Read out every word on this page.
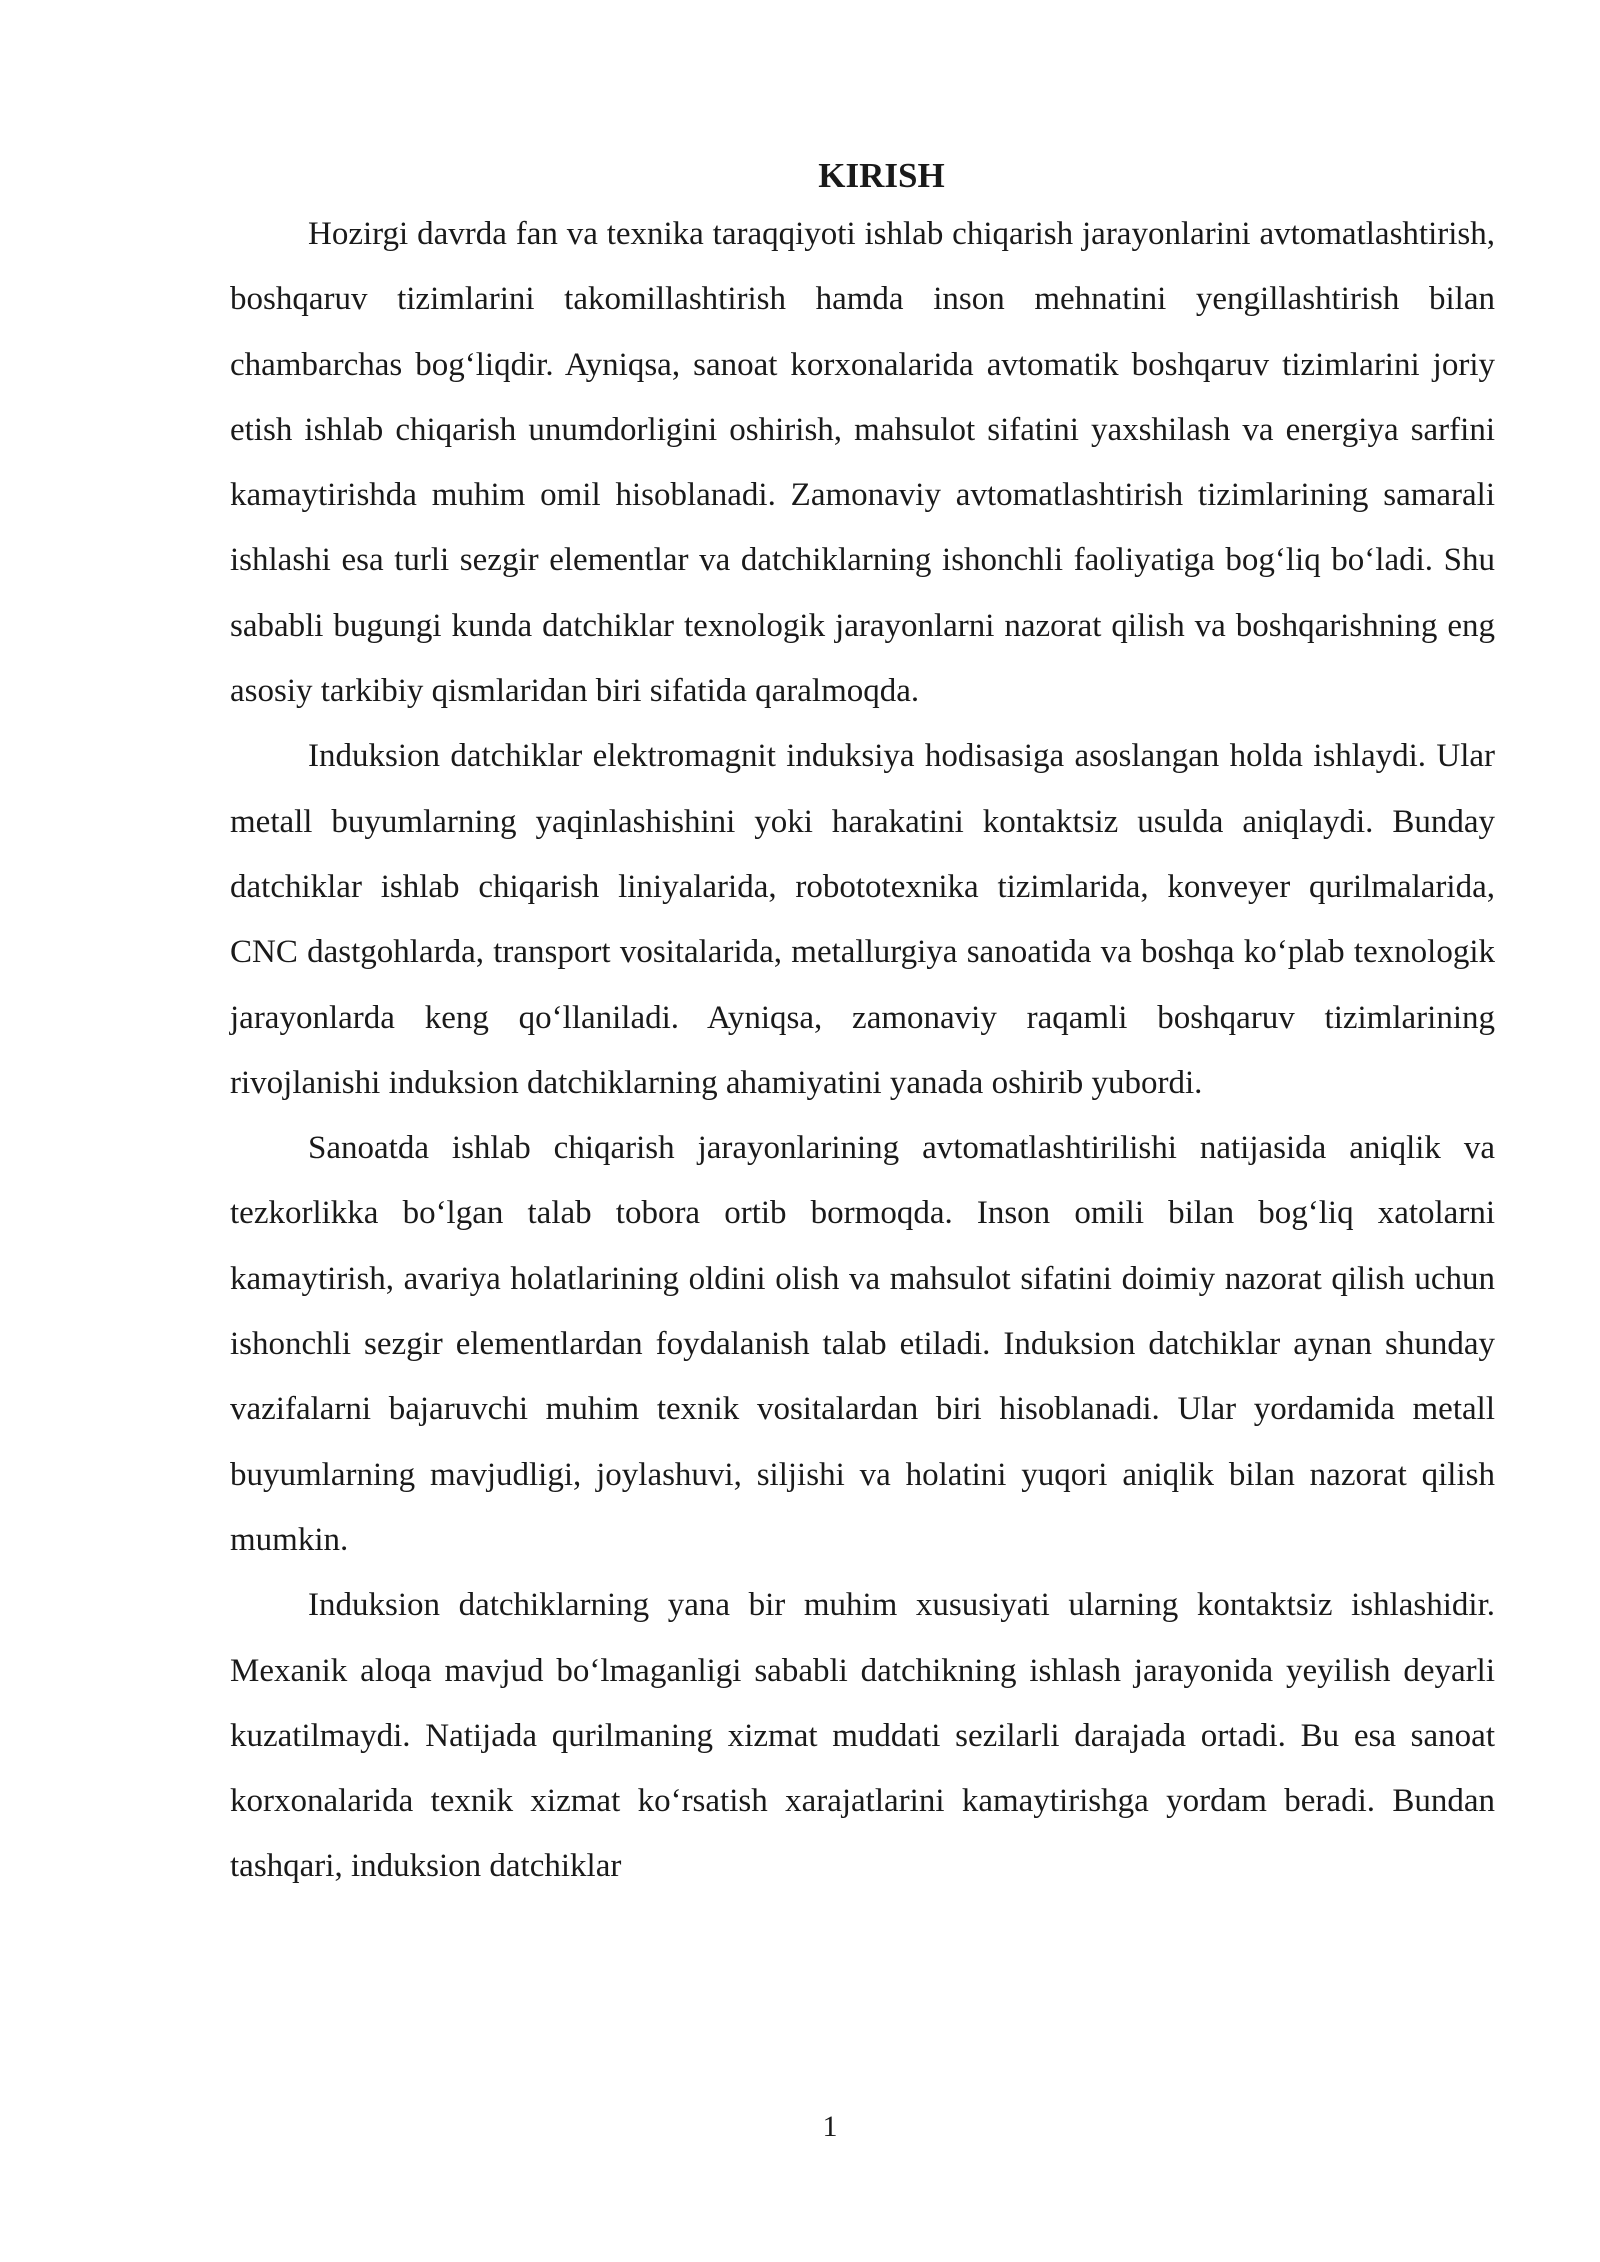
KIRISH

Hozirgi davrda fan va texnika taraqqiyoti ishlab chiqarish jarayonlarini avtomatlashtirish, boshqaruv tizimlarini takomillashtirish hamda inson mehnatini yengillashtirish bilan chambarchas bog‘liqdir. Ayniqsa, sanoat korxonalarida avtomatik boshqaruv tizimlarini joriy etish ishlab chiqarish unumdorligini oshirish, mahsulot sifatini yaxshilash va energiya sarfini kamaytirishda muhim omil hisoblanadi. Zamonaviy avtomatlashtirish tizimlarining samarali ishlashi esa turli sezgir elementlar va datchiklarning ishonchli faoliyatiga bog‘liq bo‘ladi. Shu sababli bugungi kunda datchiklar texnologik jarayonlarni nazorat qilish va boshqarishning eng asosiy tarkibiy qismlaridan biri sifatida qaralmoqda.

Induksion datchiklar elektromagnit induksiya hodisasiga asoslangan holda ishlaydi. Ular metall buyumlarning yaqinlashishini yoki harakatini kontaktsiz usulda aniqlaydi. Bunday datchiklar ishlab chiqarish liniyalarida, robototexnika tizimlarida, konveyer qurilmalarida, CNC dastgohlarda, transport vositalarida, metallurgiya sanoatida va boshqa ko‘plab texnologik jarayonlarda keng qo‘llaniladi. Ayniqsa, zamonaviy raqamli boshqaruv tizimlarining rivojlanishi induksion datchiklarning ahamiyatini yanada oshirib yubordi.

Sanoatda ishlab chiqarish jarayonlarining avtomatlashtirilishi natijasida aniqlik va tezkorlikka bo‘lgan talab tobora ortib bormoqda. Inson omili bilan bog‘liq xatolarni kamaytirish, avariya holatlarining oldini olish va mahsulot sifatini doimiy nazorat qilish uchun ishonchli sezgir elementlardan foydalanish talab etiladi. Induksion datchiklar aynan shunday vazifalarni bajaruvchi muhim texnik vositalardan biri hisoblanadi. Ular yordamida metall buyumlarning mavjudligi, joylashuvi, siljishi va holatini yuqori aniqlik bilan nazorat qilish mumkin.

Induksion datchiklarning yana bir muhim xususiyati ularning kontaktsiz ishlashidir. Mexanik aloqa mavjud bo‘lmaganligi sababli datchikning ishlash jarayonida yeyilish deyarli kuzatilmaydi. Natijada qurilmaning xizmat muddati sezilarli darajada ortadi. Bu esa sanoat korxonalarida texnik xizmat ko‘rsatish xarajatlarini kamaytirishga yordam beradi. Bundan tashqari, induksion datchiklar

1
